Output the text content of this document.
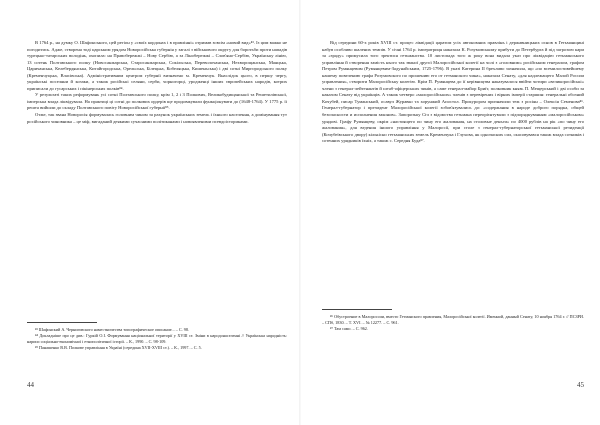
В 1764 р., на думку О. Шафонського, цей регіон у «своїх кордонах і в правлінні» отримав зовсім «новий вид»⁸³. Із цим важко не погодитись. Адже, створена тоді царським урядом Новоросійська губернія у загалі з військового округу для боротьби проти нападів турецько-татарських володінь, охопила: на Правобережжі – Нову Сербію, а за Лінобережжі – Слов'яно-Сербію, Українську лінію, 13 сотень Полтавського полку (Новосанжарська, Старосанжарська, Сокільська, Переволочанська, Нехворощанська, Маяцька, Царичанська, Келебердянська, Китайгородська, Орельська, Білецька, Кобеляцька, Кишеньська) і дві сотні Миргородського полку (Кременчуцька, Власівська). Адміністративним центром губернії визначено м. Кременчук. Внаслідок цього, в першу чергу, українські поселяни й козаки, а також російські селяни, серби, чорногорці, уродженці інших європейських народів, котрих приписали до гусарських і пікінерських полків⁸⁴.

У результаті таких реформувань усі сотні Полтавського полку, крім 1, 2 і 3 Полкових, Великобудищанської та Решетилівської, імперська влада ліквідувала. На практиці ці сотні до полкових ордерів ще продовжували функціонувати до (1648-1764). У 1775 р. її решта вийшли до складу Полтавського повіту Новоросійської губернії⁸⁵.

Отже, так звана Новоросія формувалась головним чином за рахунок українських земель і їхнього населення, а домінування тут російського чиновника – це міф, вигаданий деякими сучасними політиканами і новоявленими псевдоісториками.

⁸³ Шафонский А. Черниговского наместничества топографическое описание... – С. 98.

⁸⁴ Докладніше про це див.: Гуркій О.І. Формування національної території у XVIII ст. Зміни в народонаселенні // Українська народність: нариси соціально-економічної і етнополітичної історії. – К., 1990. – С. 98-109.

⁸⁵ Панашенко В.В. Полкове управління в Україні (середина XVII-XVIII ст.). – К., 1997. – С. 5.

44

Від середини 60-х років XVIII ст. процес ліквідації царатом усіх автономних правлінь і державницьких основ в Гетьманщині набув особливо шалених темпів. У січні 1764 р. імператриця наказала К. Розумовському прибути до Петербурга й під загрозою кари за «зраду» примусила того зректися гетьманства. 10 листопада того ж року вона видала указ про ліквідацію гетьманського управління й створення замість нього так званої другої Малоросійської колегії на чолі з «головним» російським генералом, графом Петром Румянцевим (Румянцевим-Задунайським, 1725-1796). В указі Катерина II брехливо зазначила, що «по всемилостивейшему нашему повелению графа Розумовского по прошению его от гетманского чина», наказала Сенату, «для надлежащего Малой России управления», створити Малоросійську колегію. Крім П. Румянцева до її керівництва наказувалося ввійти чотири «великоросійські» члени з генерал-лейтенантів й штаб-офіцерських чинів, а саме генерал-майор Бриїт, полковник князь П. Мещерський і дві особи за наказом Сенату від українців. А також четверо «малоросійських» членів з перевірених і вірних імперії старшин: генеральні обозний Кочубей, писар Туманський, осавул Журавко та хорунжий Апостол. Прокурором призначили теж з росіян – Олексія Семенова⁸⁶. Генерал-губернатор і президент Малоросійської колегії зобов'язувались до: «содержания в народе доброго порядка, общей безопасности и исполнения законов». Запорозьку Січ з відомства гетьмана переорієнтували з підпорядкуванням «малоросійськом» урядові. Графу Румянцеву, окрім «настоящего по чину его жалования, на столовые деньги» по 4000 рублів на рік «по чину его жалования», для ведения іншого управління у Малоросії, при столе з генерал-губернаторської гетьманської резиденції (Кочубеївського двору) кількісно гетьманських земель Кременчука і Глухова, як одночасних сил, скасовувався також влада сотників і сотенних урядників їхніх, а також с. Середня Буда⁸⁷.

⁸⁶ Обустроение в Малороссии, вместо Гетманского правления, Малоросійської колегії. Именной, данный Сенату, 10 ноября 1764 г. // ПСЗРИ. – СПб, 1830. – Т. XVI. – № 12277. – С. 961.

⁸⁷ Там само. – С. 962.

45
